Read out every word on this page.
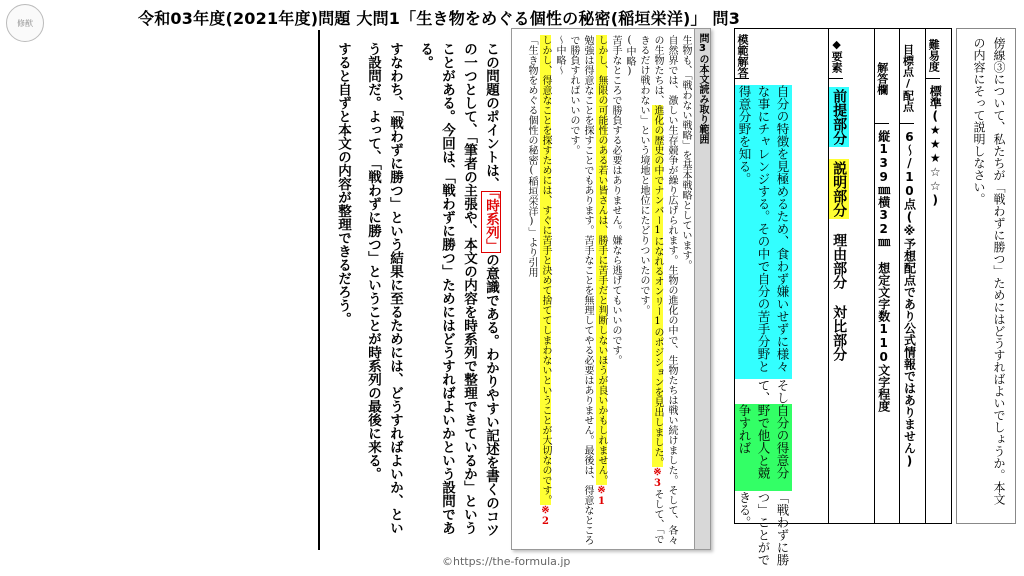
修猷	令和03年度(2021年度)問題 大問1「生き物をめぐる個性の秘密(稲垣栄洋)」 問3

この問題のポイントは、「時系列」の意識である。わかりやすい記述を書くのコツの一つとして、「筆者の主張や、本文の内容を時系列で整理できているか」ということがある。今回は、「戦わずに勝つ」ためにはどうすればよいかという設問である。

すなわち、「戦わずに勝つ」という結果に至るためには、どうすればよいか、という設問だ。よって、「戦わずに勝つ」ということが時系列の最後に来る。

すると自ずと本文の内容が整理できるだろう。	問3の本文読み取り範囲

生物も、「戦わない戦略」を基本戦略としています。

自然界では、激しい生存競争が繰り広げられます。生物の進化の中で、生物たちは戦い続けました。そして、各々の生物たちは、進化の歴史の中でナンバー1になれるオンリー1のポジションを見出しました。※3そして、「できるだけ戦わない」という境地と地位にたどりついたのです。

(中略)

苦手なところで勝負する必要はありません。嫌なら逃げてもいいのです。

しかし、無限の可能性のある若い皆さんは、勝手に苦手だと判断しないほうが良いかもしれません。※1

勉強は得意なことを探すことでもあります。苦手なことを無理してやる必要はありません。最後は、得意なところで勝負すればいいのです。

〜中略〜

しかし、得意なことを探すためには、すぐに苦手と決めて捨ててしまわないということが大切なのです。※2

「生き物をめぐる個性の秘密(稲垣栄洋)」より引用	難易度
標準(★★★☆☆)
目標点/配点
6〜/10点(※予想配点であり公式情報ではありません)
解答欄
縦139㎜横32㎜ 想定文字数110文字程度
◆要素
前提部分
説明部分
理由部分
対比部分
模範解答
自分の特徴を見極めるため、食わず嫌いせずに様々な事にチャレンジする。その中で自分の苦手分野と得意分野を知る。
そして、
自分の得意分野で他人と競争すれば
「戦わずに勝つ」ことができる。
傍線③について、私たちが「戦わずに勝つ」ためにはどうすればよいでしょうか。本文の内容にそって説明しなさい。
©https://the-formula.jp
